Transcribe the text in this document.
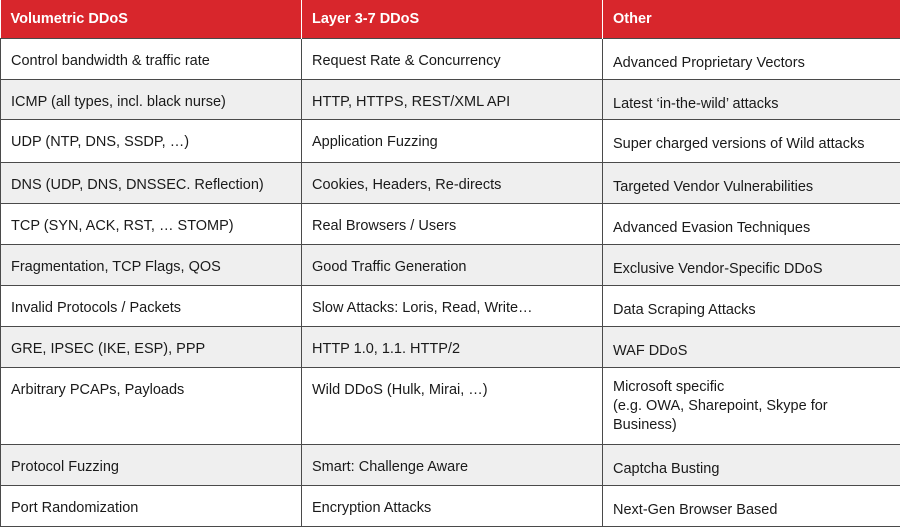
Volumetric DDoS	Layer 3-7 DDoS	Other
Control bandwidth & traffic rate	Request Rate & Concurrency	Advanced Proprietary Vectors
ICMP (all types, incl. black nurse)	HTTP, HTTPS, REST/XML API	Latest ‘in-the-wild’ attacks
UDP (NTP, DNS, SSDP, …)	Application Fuzzing	Super charged versions of Wild attacks
DNS (UDP, DNS, DNSSEC. Reflection)	Cookies, Headers, Re-directs	Targeted Vendor Vulnerabilities
TCP (SYN, ACK, RST, … STOMP)	Real Browsers / Users	Advanced Evasion Techniques
Fragmentation, TCP Flags, QOS	Good Traffic Generation	Exclusive Vendor-Specific DDoS
Invalid Protocols / Packets	Slow Attacks: Loris, Read, Write…	Data Scraping Attacks
GRE, IPSEC (IKE, ESP), PPP	HTTP 1.0, 1.1. HTTP/2	WAF DDoS
Arbitrary PCAPs, Payloads	Wild DDoS (Hulk, Mirai, …)	Microsoft specific
(e.g. OWA, Sharepoint, Skype for Business)
Protocol Fuzzing	Smart: Challenge Aware	Captcha Busting
Port Randomization	Encryption Attacks	Next-Gen Browser Based
